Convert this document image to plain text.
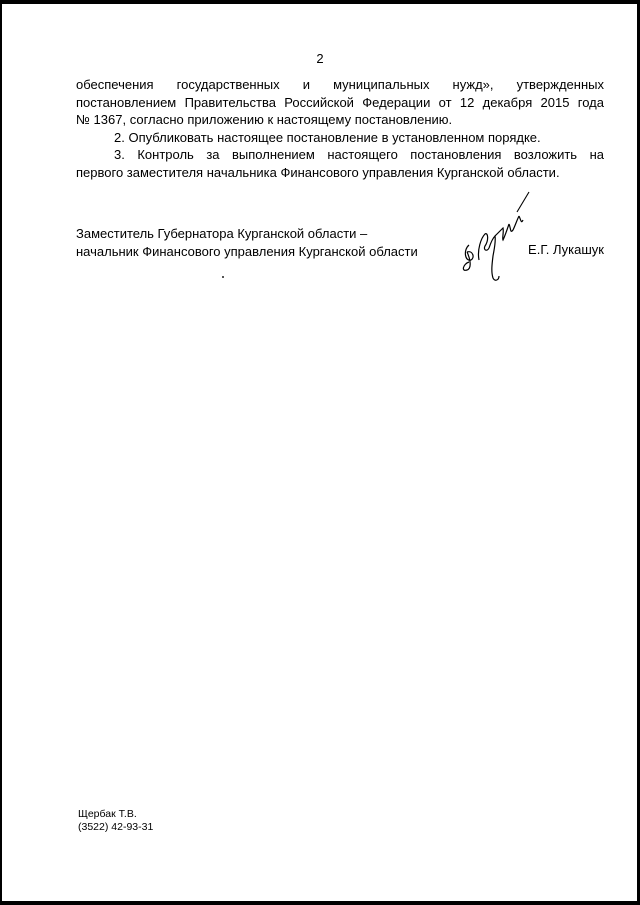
2

обеспечения государственных и муниципальных нужд», утвержденных
постановлением Правительства Российской Федерации от 12 декабря 2015 года
№ 1367, согласно приложению к настоящему постановлению.

2. Опубликовать настоящее постановление в установленном порядке.

3. Контроль за выполнением настоящего постановления возложить на
первого заместителя начальника Финансового управления Курганской области.

Заместитель Губернатора Курганской области –
начальник Финансового управления Курганской области	Е.Г. Лукашук
Щербак Т.В.
(3522) 42-93-31
